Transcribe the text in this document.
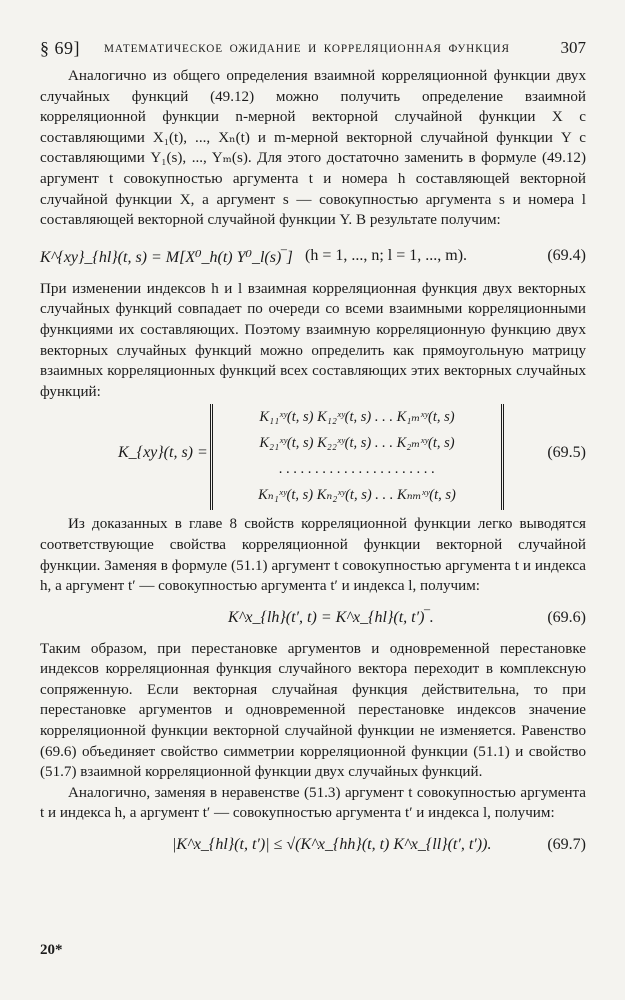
§ 69] МАТЕМАТИЧЕСКОЕ ОЖИДАНИЕ И КОРРЕЛЯЦИОННАЯ ФУНКЦИЯ	307

Аналогично из общего определения взаимной корреляционной функции двух случайных функций (49.12) можно получить определение взаимной корреляционной функции n-мерной векторной случайной функции X с составляющими X₁(t), ..., Xₙ(t) и m-мерной векторной случайной функции Y с составляющими Y₁(s), ..., Yₘ(s). Для этого достаточно заменить в формуле (49.12) аргумент t совокупностью аргумента t и номера h составляющей векторной случайной функции X, а аргумент s — совокупностью аргумента s и номера l составляющей векторной случайной функции Y. В результате получим:

K^{xy}_{hl}(t, s) = M[X⁰_h(t) Y⁰_l(s)‾] (h = 1, ..., n; l = 1, ..., m).	(69.4)

При изменении индексов h и l взаимная корреляционная функция двух векторных случайных функций совпадает по очереди со всеми взаимными корреляционными функциями их составляющих. Поэтому взаимную корреляционную функцию двух векторных случайных функций можно определить как прямоугольную матрицу взаимных корреляционных функций всех составляющих этих векторных случайных функций:

K_{xy}(t, s) =
K₁₁ˣʸ(t, s) K₁₂ˣʸ(t, s) . . . K₁ₘˣʸ(t, s)
K₂₁ˣʸ(t, s) K₂₂ˣʸ(t, s) . . . K₂ₘˣʸ(t, s)
. . . . . . . . . . . . . . . . . . . . . .
Kₙ₁ˣʸ(t, s) Kₙ₂ˣʸ(t, s) . . . Kₙₘˣʸ(t, s)
(69.5)

Из доказанных в главе 8 свойств корреляционной функции легко выводятся соответствующие свойства корреляционной функции векторной случайной функции. Заменяя в формуле (51.1) аргумент t совокупностью аргумента t и индекса h, а аргумент t′ — совокупностью аргумента t′ и индекса l, получим:

K^x_{lh}(t′, t) = K^x_{hl}(t, t′)‾.	(69.6)

Таким образом, при перестановке аргументов и одновременной перестановке индексов корреляционная функция случайного вектора переходит в комплексную сопряженную. Если векторная случайная функция действительна, то при перестановке аргументов и одновременной перестановке индексов значение корреляционной функции векторной случайной функции не изменяется. Равенство (69.6) объединяет свойство симметрии корреляционной функции (51.1) и свойство (51.7) взаимной корреляционной функции двух случайных функций.

Аналогично, заменяя в неравенстве (51.3) аргумент t совокупностью аргумента t и индекса h, а аргумент t′ — совокупностью аргумента t′ и индекса l, получим:

|K^x_{hl}(t, t′)| ≤ √(K^x_{hh}(t, t) K^x_{ll}(t′, t′)).	(69.7)
20*
